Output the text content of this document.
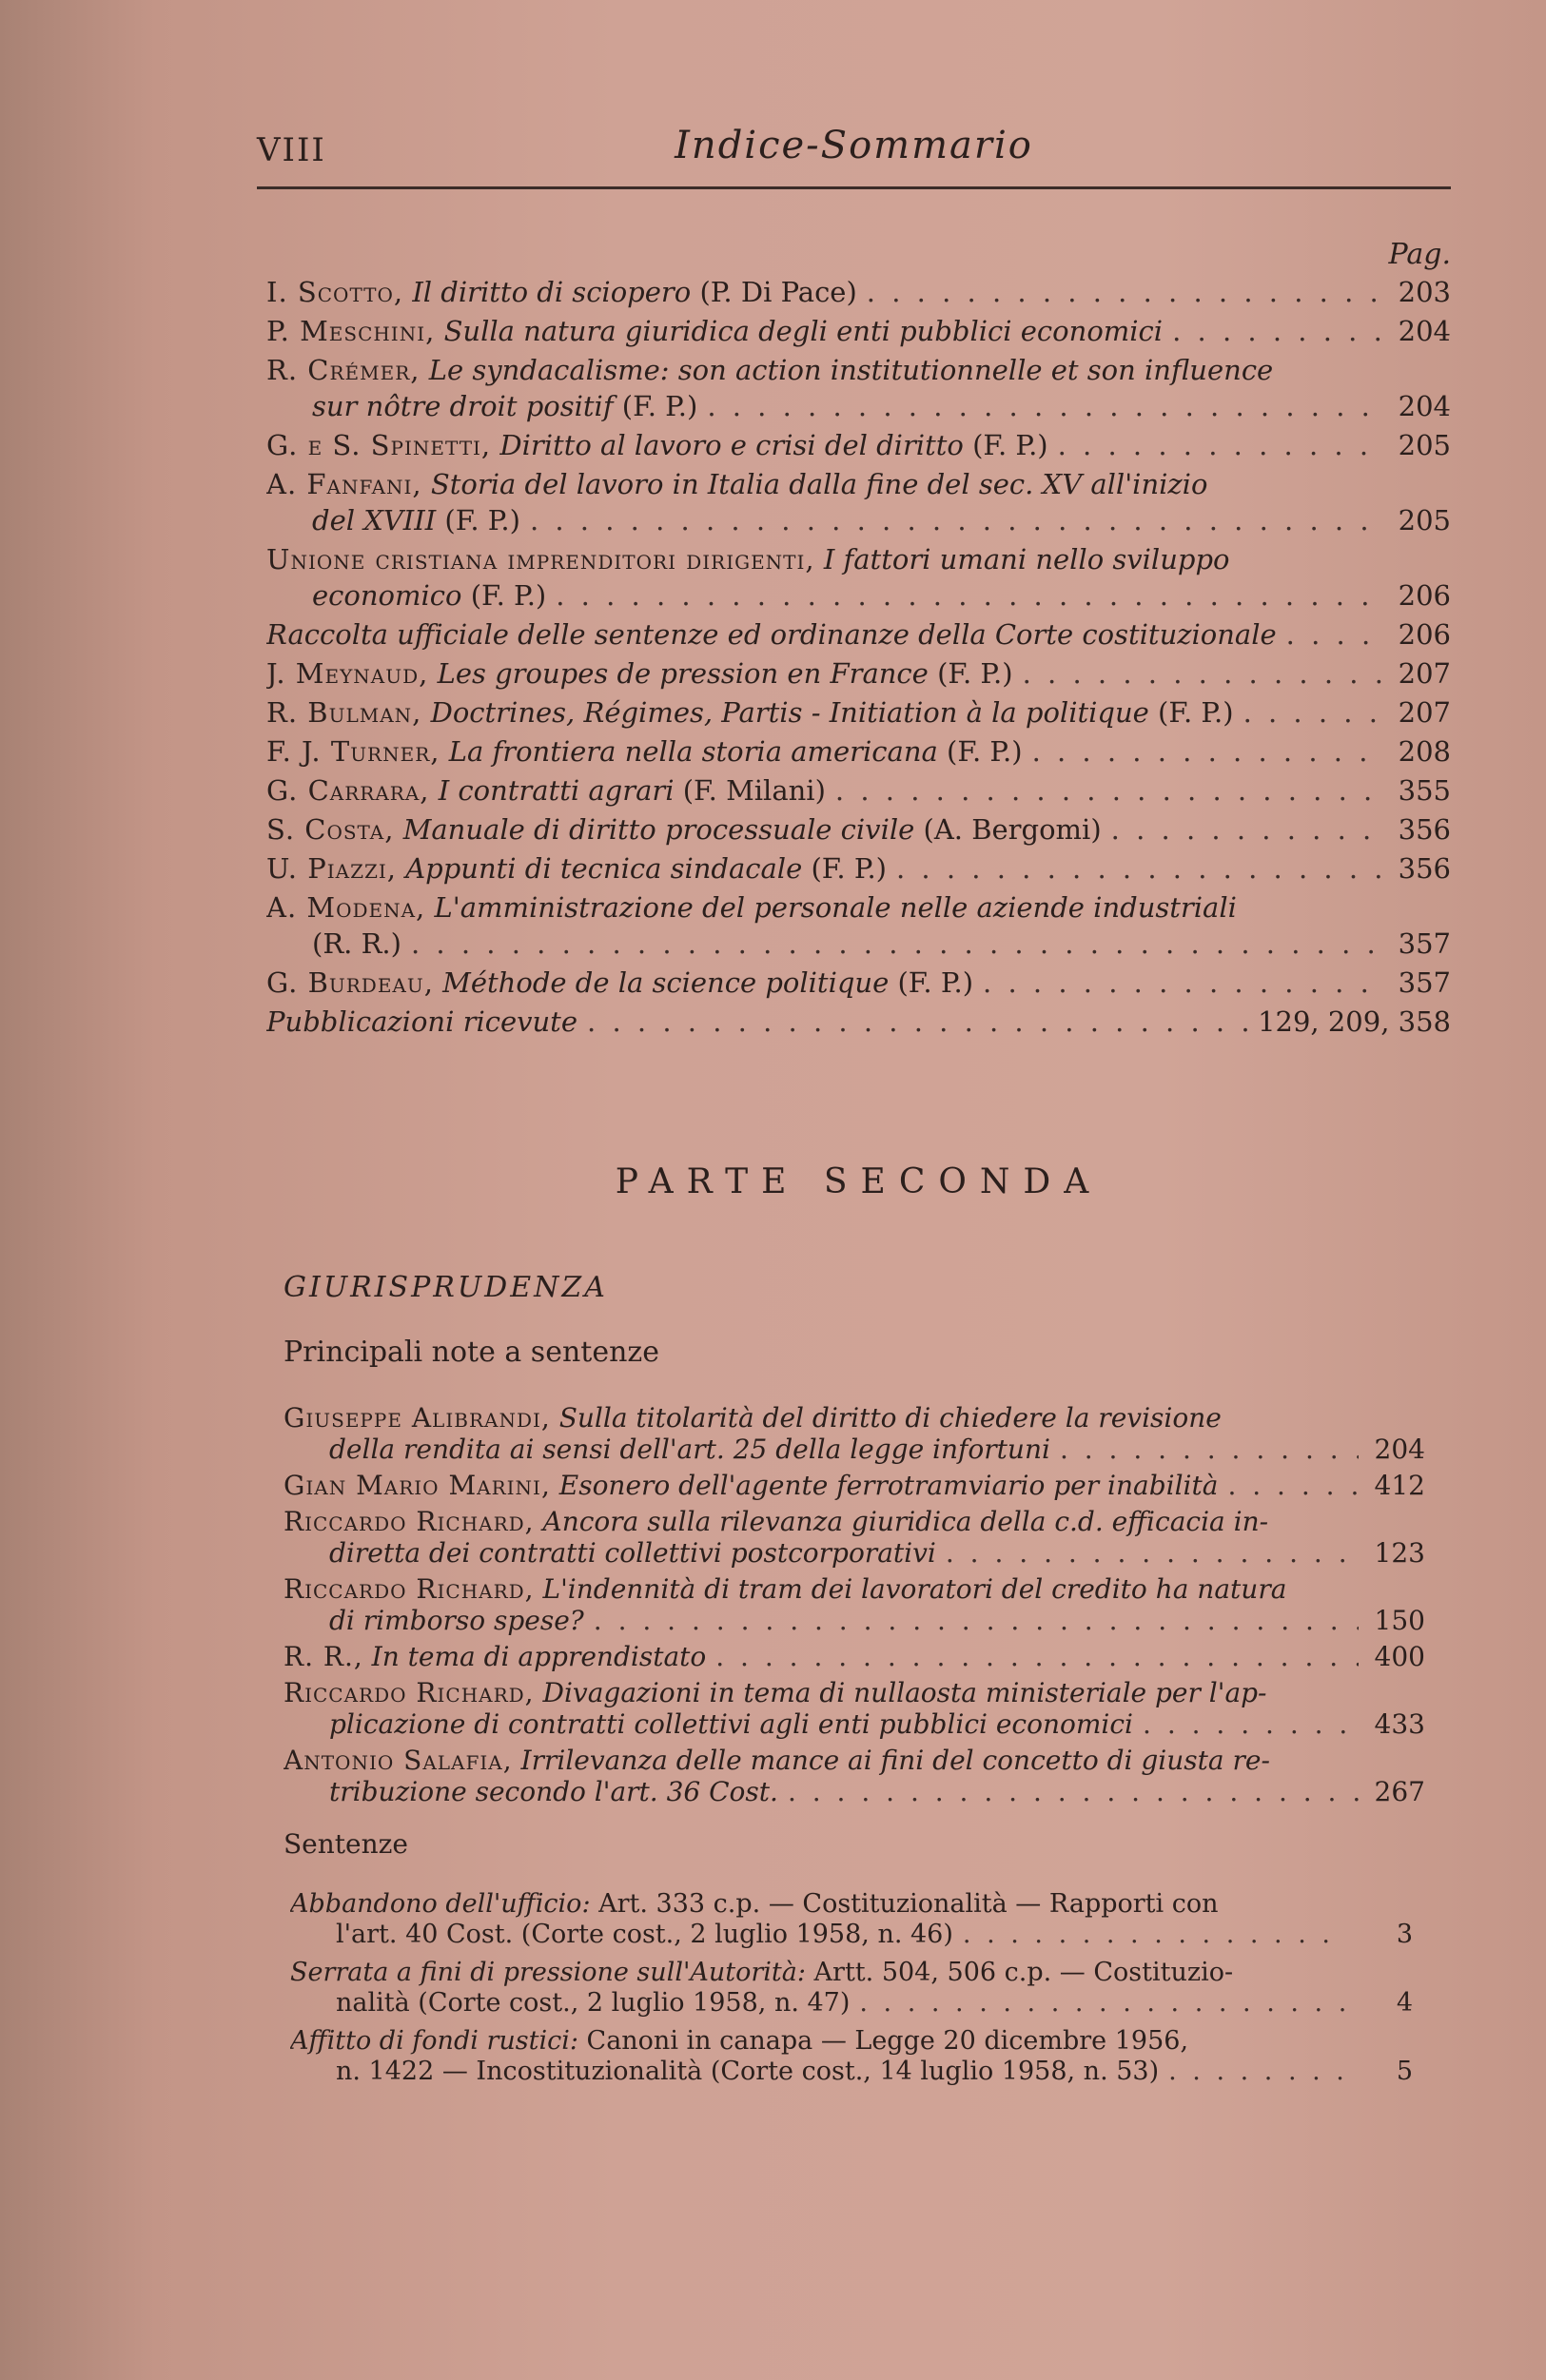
VIII	Indice-Sommario
Pag.
I. Scotto, Il diritto di sciopero (P. Di Pace) . . .	203
P. Meschini, Sulla natura giuridica degli enti pubblici economici . . .	204
R. Crémer, Le syndacalisme: son action institutionnelle et son influence
sur nôtre droit positif (F. P.) . . .	204
G. e S. Spinetti, Diritto al lavoro e crisi del diritto (F. P.) . . .	205
A. Fanfani, Storia del lavoro in Italia dalla fine del sec. XV all'inizio
del XVIII (F. P.) . . .	205
Unione cristiana imprenditori dirigenti, I fattori umani nello sviluppo
economico (F. P.) . . .	206
Raccolta ufficiale delle sentenze ed ordinanze della Corte costituzionale . . .	206
J. Meynaud, Les groupes de pression en France (F. P.) . . .	207
R. Bulman, Doctrines, Régimes, Partis - Initiation à la politique (F. P.) . . .	207
F. J. Turner, La frontiera nella storia americana (F. P.) . . .	208
G. Carrara, I contratti agrari (F. Milani) . . .	355
S. Costa, Manuale di diritto processuale civile (A. Bergomi) . . .	356
U. Piazzi, Appunti di tecnica sindacale (F. P.) . . .	356
A. Modena, L'amministrazione del personale nelle aziende industriali
(R. R.) . . .	357
G. Burdeau, Méthode de la science politique (F. P.) . . .	357
Pubblicazioni ricevute . . .	129, 209, 358
PARTE SECONDA
GIURISPRUDENZA
Principali note a sentenze
Giuseppe Alibrandi, Sulla titolarità del diritto di chiedere la revisione
della rendita ai sensi dell'art. 25 della legge infortuni . . .	204
Gian Mario Marini, Esonero dell'agente ferrotramviario per inabilità . . .	412
Riccardo Richard, Ancora sulla rilevanza giuridica della c.d. efficacia in-
diretta dei contratti collettivi postcorporativi . . .	123
Riccardo Richard, L'indennità di tram dei lavoratori del credito ha natura
di rimborso spese? . . .	150
R. R., In tema di apprendistato . . .	400
Riccardo Richard, Divagazioni in tema di nullaosta ministeriale per l'ap-
plicazione di contratti collettivi agli enti pubblici economici . . .	433
Antonio Salafia, Irrilevanza delle mance ai fini del concetto di giusta re-
tribuzione secondo l'art. 36 Cost. . . .	267
Sentenze
Abbandono dell'ufficio: Art. 333 c.p. — Costituzionalità — Rapporti con
l'art. 40 Cost. (Corte cost., 2 luglio 1958, n. 46) . . .	3
Serrata a fini di pressione sull'Autorità: Artt. 504, 506 c.p. — Costituzio-
nalità (Corte cost., 2 luglio 1958, n. 47) . . .	4
Affitto di fondi rustici: Canoni in canapa — Legge 20 dicembre 1956,
n. 1422 — Incostituzionalità (Corte cost., 14 luglio 1958, n. 53) . . .	5
